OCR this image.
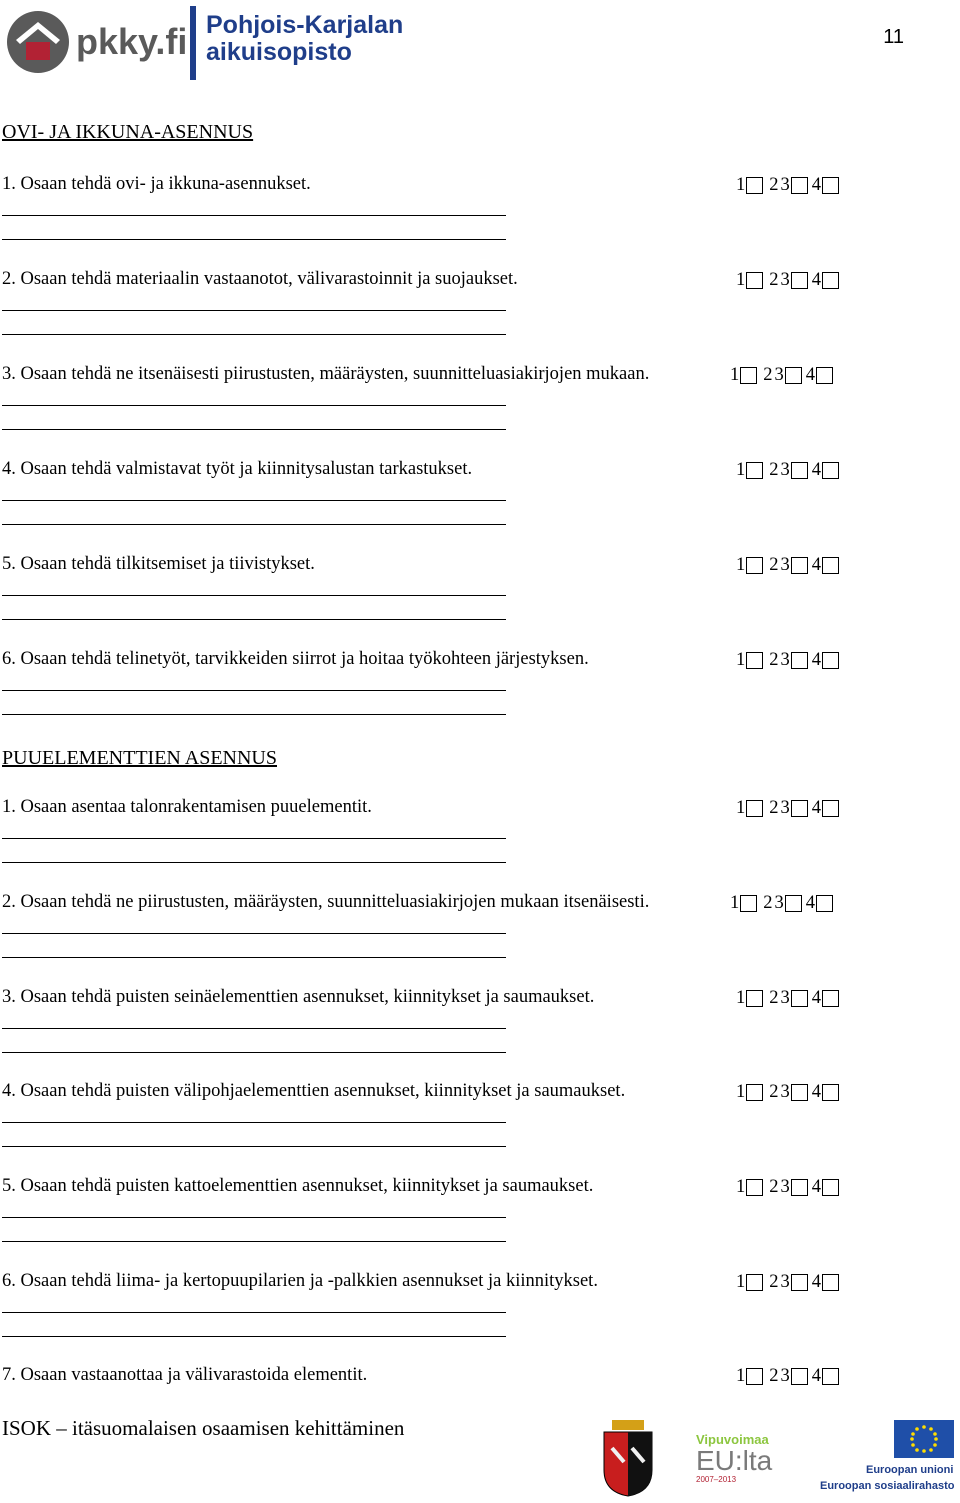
pkky.fi Pohjois-Karjalan
aikuisopisto
11
OVI- JA IKKUNA-ASENNUS
1. Osaan tehdä ovi- ja ikkuna-asennukset.	1 2 3 4
2. Osaan tehdä materiaalin vastaanotot, välivarastoinnit ja suojaukset.	1 2 3 4
3. Osaan tehdä ne itsenäisesti piirustusten, määräysten, suunnitteluasiakirjojen mukaan.	1 2 3 4
4. Osaan tehdä valmistavat työt ja kiinnitysalustan tarkastukset.	1 2 3 4
5. Osaan tehdä tilkitsemiset ja tiivistykset.	1 2 3 4
6. Osaan tehdä telinetyöt, tarvikkeiden siirrot ja hoitaa työkohteen järjestyksen.	1 2 3 4
PUUELEMENTTIEN ASENNUS
1. Osaan asentaa talonrakentamisen puuelementit.	1 2 3 4
2. Osaan tehdä ne piirustusten, määräysten, suunnitteluasiakirjojen mukaan itsenäisesti.	1 2 3 4
3. Osaan tehdä puisten seinäelementtien asennukset, kiinnitykset ja saumaukset.	1 2 3 4
4. Osaan tehdä puisten välipohjaelementtien asennukset, kiinnitykset ja saumaukset.	1 2 3 4
5. Osaan tehdä puisten kattoelementtien asennukset, kiinnitykset ja saumaukset.	1 2 3 4
6. Osaan tehdä liima- ja kertopuupilarien ja -palkkien asennukset ja kiinnitykset.	1 2 3 4
7. Osaan vastaanottaa ja välivarastoida elementit.	1 2 3 4
ISOK – itäsuomalaisen osaamisen kehittäminen	Vipuvoimaa
EU:lta
2007–2013
Euroopan unioni
Euroopan sosiaalirahasto
